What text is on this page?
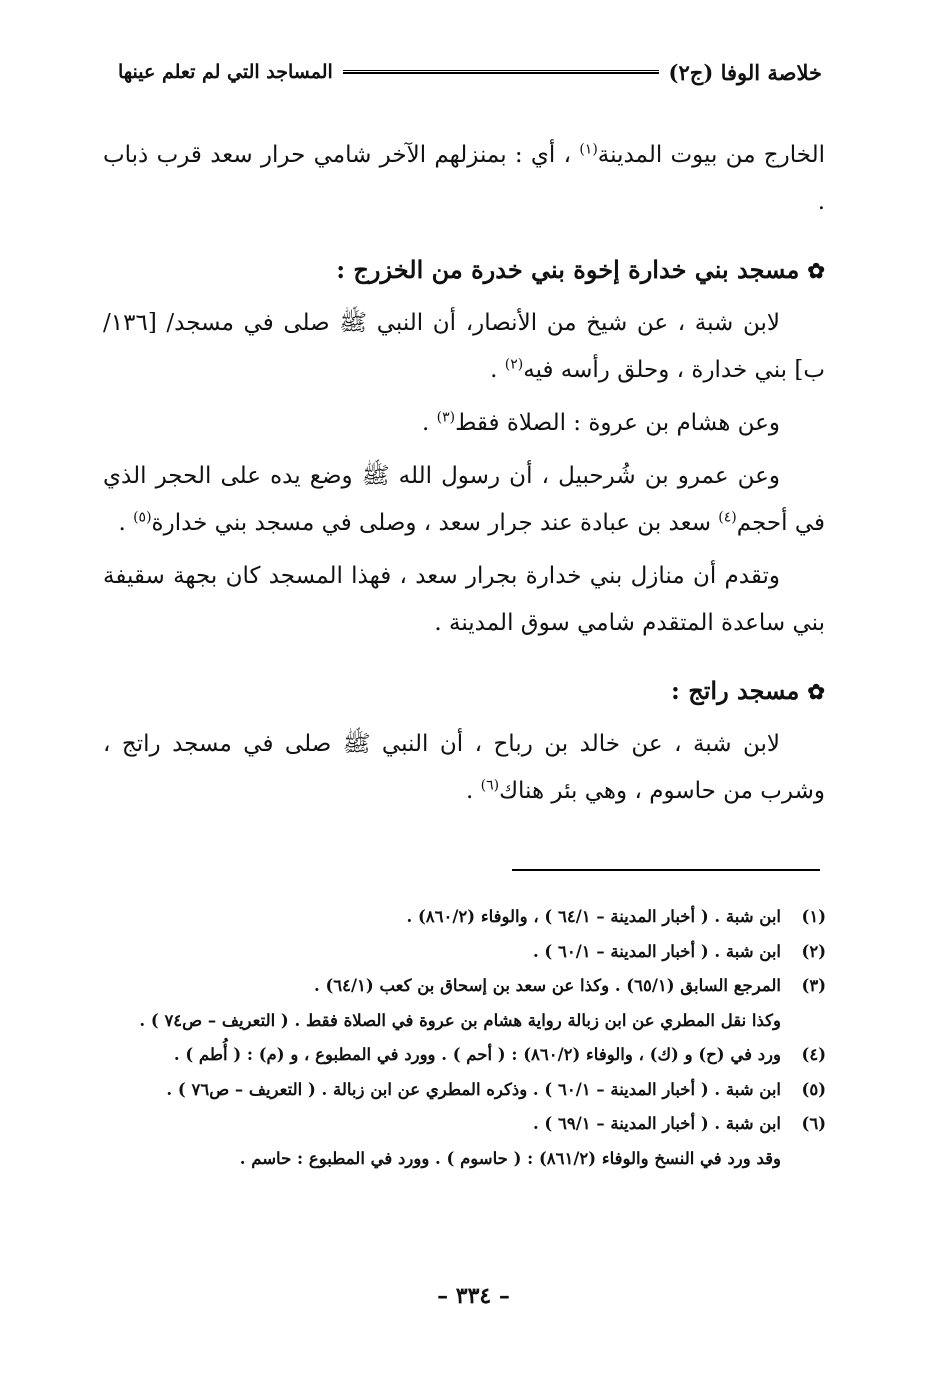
خلاصة الوفا (ج٢)
المساجد التي لم تعلم عينها

الخارج من بيوت المدينة$^{(١)}$ ، أي : بمنزلهم الآخر شامي حرار سعد قرب ذباب .

✿مسجد بني خدارة إخوة بني خدرة من الخزرج :

لابن شبة ، عن شيخ من الأنصار، أن النبي ﷺ صلى في مسجد/ [١٣٦/ب] بني خدارة ، وحلق رأسه فيه$^{(٢)}$ .

وعن هشام بن عروة : الصلاة فقط$^{(٣)}$ .

وعن عمرو بن شُرحبيل ، أن رسول الله ﷺ وضع يده على الحجر الذي في أحجم$^{(٤)}$ سعد بن عبادة عند جرار سعد ، وصلى في مسجد بني خدارة$^{(٥)}$ .

وتقدم أن منازل بني خدارة بجرار سعد ، فهذا المسجد كان بجهة سقيفة بني ساعدة المتقدم شامي سوق المدينة .

✿مسجد راتج :

لابن شبة ، عن خالد بن رباح ، أن النبي ﷺ صلى في مسجد راتج ، وشرب من حاسوم ، وهي بئر هناك$^{(٦)}$ .

(١)
ابن شبة . ( أخبار المدينة – ٦٤/١ ) ، والوفاء (٨٦٠/٢) .
(٢)
ابن شبة . ( أخبار المدينة – ٦٠/١ ) .
(٣)
المرجع السابق (٦٥/١) . وكذا عن سعد بن إسحاق بن كعب (٦٤/١) .
وكذا نقل المطري عن ابن زبالة رواية هشام بن عروة في الصلاة فقط . ( التعريف – ص٧٤ ) .
(٤)
ورد في (ح) و (ك) ، والوفاء (٨٦٠/٢) : ( أحم ) . وورد في المطبوع ، و (م) : ( أُطم ) .
(٥)
ابن شبة . ( أخبار المدينة – ٦٠/١ ) . وذكره المطري عن ابن زبالة . ( التعريف – ص٧٦ ) .
(٦)
ابن شبة . ( أخبار المدينة – ٦٩/١ ) .
وقد ورد في النسخ والوفاء (٨٦١/٢) : ( حاسوم ) . وورد في المطبوع : حاسم .
– ٣٣٤ –
